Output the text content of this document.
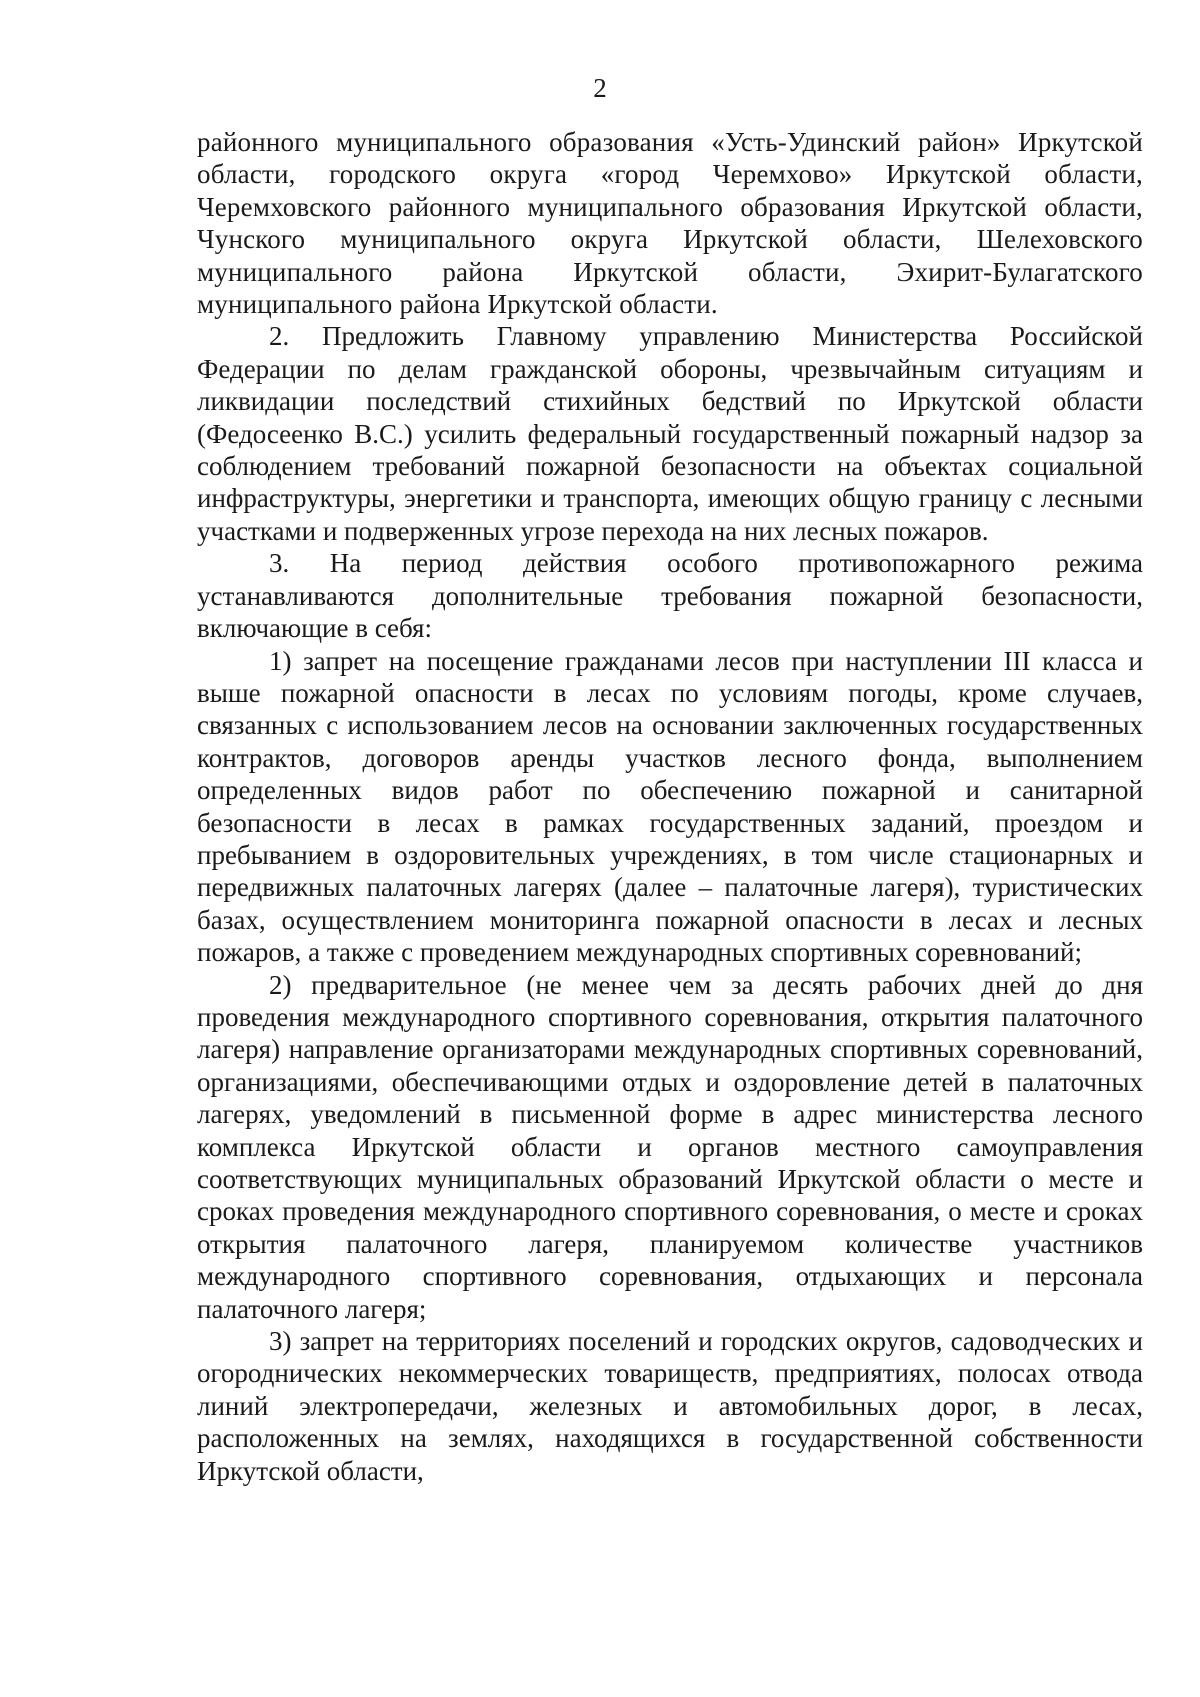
2

районного муниципального образования «Усть-Удинский район» Иркутской области, городского округа «город Черемхово» Иркутской области, Черемховского районного муниципального образования Иркутской области, Чунского муниципального округа Иркутской области, Шелеховского муниципального района Иркутской области, Эхирит-Булагатского муниципального района Иркутской области.

2. Предложить Главному управлению Министерства Российской Федерации по делам гражданской обороны, чрезвычайным ситуациям и ликвидации последствий стихийных бедствий по Иркутской области (Федосеенко В.С.) усилить федеральный государственный пожарный надзор за соблюдением требований пожарной безопасности на объектах социальной инфраструктуры, энергетики и транспорта, имеющих общую границу с лесными участками и подверженных угрозе перехода на них лесных пожаров.

3. На период действия особого противопожарного режима устанавливаются дополнительные требования пожарной безопасности, включающие в себя:

1) запрет на посещение гражданами лесов при наступлении III класса и выше пожарной опасности в лесах по условиям погоды, кроме случаев, связанных с использованием лесов на основании заключенных государственных контрактов, договоров аренды участков лесного фонда, выполнением определенных видов работ по обеспечению пожарной и санитарной безопасности в лесах в рамках государственных заданий, проездом и пребыванием в оздоровительных учреждениях, в том числе стационарных и передвижных палаточных лагерях (далее – палаточные лагеря), туристических базах, осуществлением мониторинга пожарной опасности в лесах и лесных пожаров, а также с проведением международных спортивных соревнований;

2) предварительное (не менее чем за десять рабочих дней до дня проведения международного спортивного соревнования, открытия палаточного лагеря) направление организаторами международных спортивных соревнований, организациями, обеспечивающими отдых и оздоровление детей в палаточных лагерях, уведомлений в письменной форме в адрес министерства лесного комплекса Иркутской области и органов местного самоуправления соответствующих муниципальных образований Иркутской области о месте и сроках проведения международного спортивного соревнования, о месте и сроках открытия палаточного лагеря, планируемом количестве участников международного спортивного соревнования, отдыхающих и персонала палаточного лагеря;

3) запрет на территориях поселений и городских округов, садоводческих и огороднических некоммерческих товариществ, предприятиях, полосах отвода линий электропередачи, железных и автомобильных дорог, в лесах, расположенных на землях, находящихся в государственной собственности Иркутской области,
